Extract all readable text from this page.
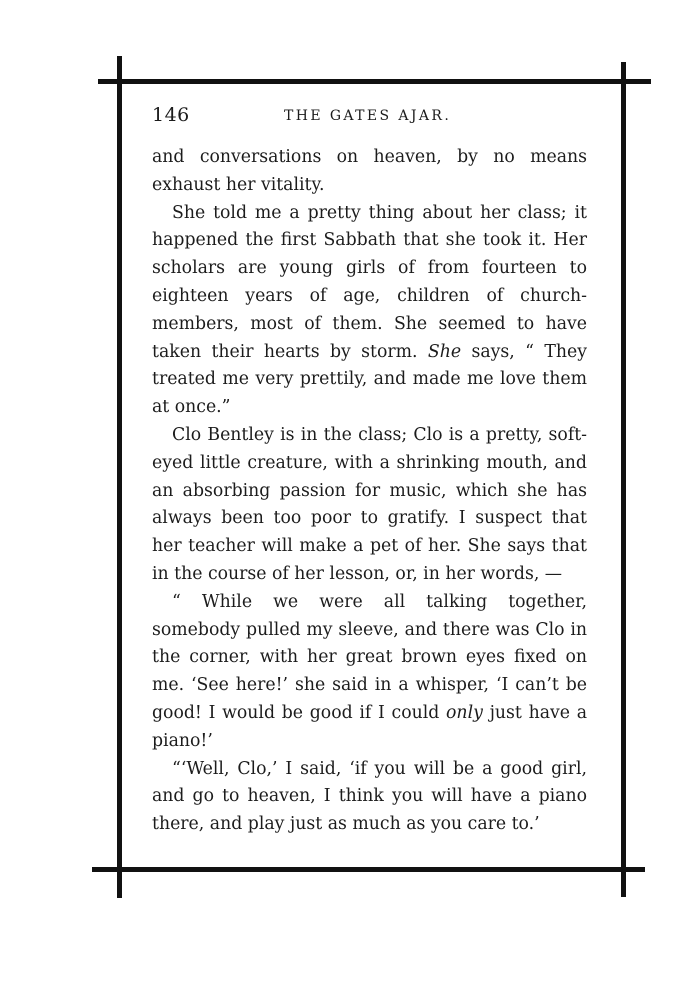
146	THE GATES AJAR.

and conversations on heaven, by no means exhaust her vitality.

She told me a pretty thing about her class; it happened the first Sabbath that she took it. Her scholars are young girls of from fourteen to eighteen years of age, children of church-members, most of them. She seemed to have taken their hearts by storm. She says, “ They treated me very prettily, and made me love them at once.”

Clo Bentley is in the class; Clo is a pretty, soft-eyed little creature, with a shrinking mouth, and an absorbing passion for music, which she has always been too poor to gratify. I suspect that her teacher will make a pet of her. She says that in the course of her lesson, or, in her words, —

“ While we were all talking together, somebody pulled my sleeve, and there was Clo in the corner, with her great brown eyes fixed on me. ‘See here!’ she said in a whisper, ‘I can’t be good! I would be good if I could only just have a piano!’

“‘Well, Clo,’ I said, ‘if you will be a good girl, and go to heaven, I think you will have a piano there, and play just as much as you care to.’
